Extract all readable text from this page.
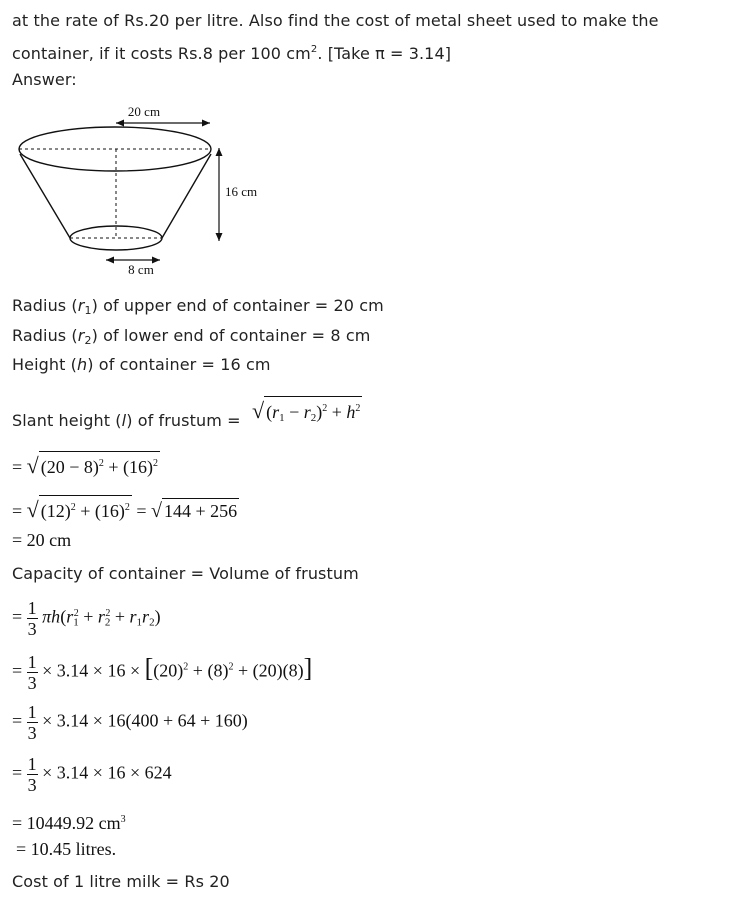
at the rate of Rs.20 per litre. Also find the cost of metal sheet used to make the
container, if it costs Rs.8 per 100 $cm^2$. [Take π = 3.14]
Answer:
20 cm
16 cm
8 cm
Radius $(r_1)$ of upper end of container = 20 cm
Radius $(r_2)$ of lower end of container = 8 cm
Height (h) of container = 16 cm
Slant height (l) of frustum = √ $(r_1 - r_2)^2 + h^2$
= √ $(20 - 8)^2 + (16)^2$
= √ $(12)^2 + (16)^2$ = √ 144 + 256
= 20 cm
Capacity of container = Volume of frustum
= $\frac{1}{3} \pi h(r_1^2 + r_2^2 + r_1r_2)$
= $\frac{1}{3} \times 3.14 \times 16 \times [(20)^2 + (8)^2 + (20)(8)]$
= $\frac{1}{3} \times 3.14 \times 16(400 + 64 + 160)$
= $\frac{1}{3} \times 3.14 \times 16 \times 624$
= 10449.92 $cm^3$
= 10.45 litres.
Cost of 1 litre milk = Rs 20
